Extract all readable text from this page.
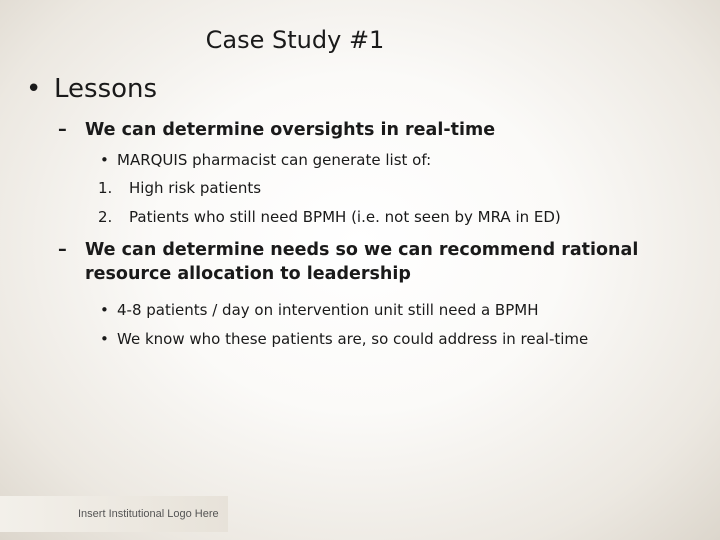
Case Study #1
• Lessons
– We can determine oversights in real-time
• MARQUIS pharmacist can generate list of:
1. High risk patients
2. Patients who still need BPMH (i.e. not seen by MRA in ED)
– We can determine needs so we can recommend rational resource allocation to leadership
• 4-8 patients / day on intervention unit still need a BPMH
• We know who these patients are, so could address in real-time
Insert Institutional Logo Here
